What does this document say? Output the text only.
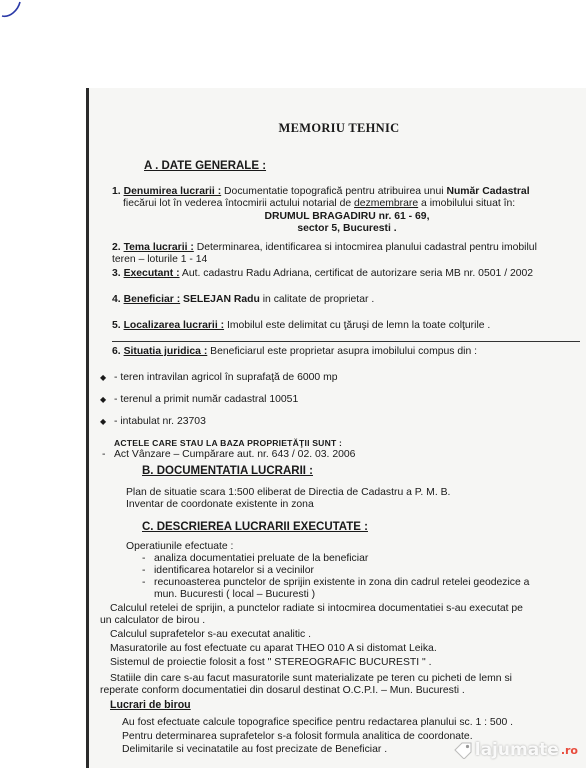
MEMORIU TEHNIC
A . DATE GENERALE :
1. Denumirea lucrarii : Documentatie topografică pentru atribuirea unui Număr Cadastral
fiecărui lot în vederea întocmirii actului notarial de dezmembrare a imobilului situat în:
DRUMUL BRAGADIRU nr. 61 - 69,
sector 5, Bucuresti .
2. Tema lucrarii : Determinarea, identificarea si intocmirea planului cadastral pentru imobilul
teren – loturile 1 - 14
3. Executant : Aut. cadastru Radu Adriana, certificat de autorizare seria MB nr. 0501 / 2002
4. Beneficiar : SELEJAN Radu in calitate de proprietar .
5. Localizarea lucrarii : Imobilul este delimitat cu ţăruşi de lemn la toate colţurile .
6. Situatia juridica : Beneficiarul este proprietar asupra imobilului compus din :
◆ - teren intravilan agricol în suprafaţă de 6000 mp
◆ - terenul a primit număr cadastral 10051
◆ - intabulat nr. 23703
ACTELE CARE STAU LA BAZA PROPRIETĂŢII SUNT :
- Act Vânzare – Cumpărare aut. nr. 643 / 02. 03. 2006
B. DOCUMENTATIA LUCRARII :
Plan de situatie scara 1:500 eliberat de Directia de Cadastru a P. M. B.
Inventar de coordonate existente in zona
C. DESCRIEREA LUCRARII EXECUTATE :
Operatiunile efectuate :
- analiza documentatiei preluate de la beneficiar
- identificarea hotarelor si a vecinilor
- recunoasterea punctelor de sprijin existente in zona din cadrul retelei geodezice a
mun. Bucuresti ( local – Bucuresti )
Calculul retelei de sprijin, a punctelor radiate si intocmirea documentatiei s-au executat pe
un calculator de birou .
Calculul suprafetelor s-au executat analitic .
Masuratorile au fost efectuate cu aparat THEO 010 A si distomat Leika.
Sistemul de proiectie folosit a fost " STEREOGRAFIC BUCURESTI " .
Statiile din care s-au facut masuratorile sunt materializate pe teren cu picheti de lemn si
reperate conform documentatiei din dosarul destinat O.C.P.I. – Mun. Bucuresti .
Lucrari de birou
Au fost efectuate calcule topografice specifice pentru redactarea planului sc. 1 : 500 .
Pentru determinarea suprafetelor s-a folosit formula analitica de coordonate.
Delimitarile si vecinatatile au fost precizate de Beneficiar .	lajumate .ro
